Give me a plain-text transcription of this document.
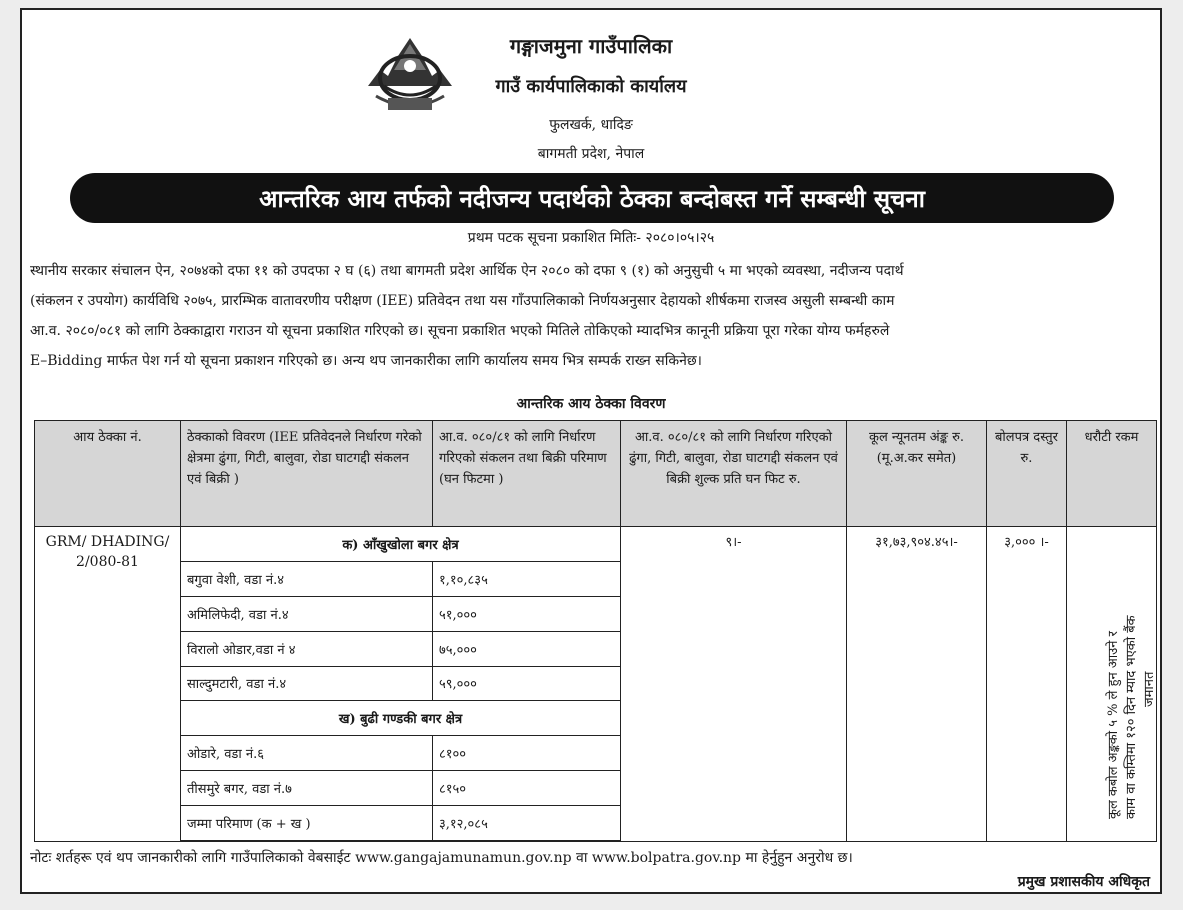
गङ्गाजमुना गाउँपालिका
गाउँ कार्यपालिकाको कार्यालय
फुलखर्क, धादिङ
बागमती प्रदेश, नेपाल
आन्तरिक आय तर्फको नदीजन्य पदार्थको ठेक्का बन्दोबस्त गर्ने सम्बन्धी सूचना
प्रथम पटक सूचना प्रकाशित मितिः- २०८०।०५।२५
स्थानीय सरकार संचालन ऐन, २०७४को दफा ११ को उपदफा २ घ (६) तथा बागमती प्रदेश आर्थिक ऐन २०८० को दफा ९ (१) को अनुसुची ५ मा भएको व्यवस्था, नदीजन्य पदार्थ
(संकलन र उपयोग) कार्यविधि २०७५, प्रारम्भिक वातावरणीय परीक्षण (IEE) प्रतिवेदन तथा यस गाँउपालिकाको निर्णयअनुसार देहायको शीर्षकमा राजस्व असुली सम्बन्धी काम
आ.व. २०८०/०८१ को लागि ठेक्काद्वारा गराउन यो सूचना प्रकाशित गरिएको छ। सूचना प्रकाशित भएको मितिले तोकिएको म्यादभित्र कानूनी प्रक्रिया पूरा गरेका योग्य फर्महरुले
E–Bidding मार्फत पेश गर्न यो सूचना प्रकाशन गरिएको छ। अन्य थप जानकारीका लागि कार्यालय समय भित्र सम्पर्क राख्न सकिनेछ।
आन्तरिक आय ठेक्का विवरण
आय ठेक्का नं.	ठेक्काको विवरण (IEE प्रतिवेदनले निर्धारण गरेको क्षेत्रमा ढुंगा, गिटी, बालुवा, रोडा घाटगद्दी संकलन एवं बिक्री )	आ.व. ०८०/८१ को लागि निर्धारण गरिएको संकलन तथा बिक्री परिमाण (घन फिटमा )	आ.व. ०८०/८१ को लागि निर्धारण गरिएको ढुंगा, गिटी, बालुवा, रोडा घाटगद्दी संकलन एवं बिक्री शुल्क प्रति घन फिट रु.	कूल न्यूनतम अंङ्क रु. (मू.अ.कर समेत)	बोलपत्र दस्तुर रु.	धरौटी रकम
GRM/ DHADING/ 2/080-81	क) आँखुखोला बगर क्षेत्र		९।-	३१,७३,९०४.४५।-	३,००० ।-	कूल कबोल अङ्कको ५ % ले हुन आउने र काम वा कम्तिमा १२० दिन म्याद भएको बैंक जमानत

	बगुवा वेशी, वडा नं.४	१,१०,८३५				
	अमिलिफेदी, वडा नं.४	५१,०००				
	विरालो ओडार,वडा नं ४	७५,०००				
	साल्दुमटारी, वडा नं.४	५९,०००				
	ख) बुढी गण्डकी बगर क्षेत्र					
	ओडारे, वडा नं.६	८१००				
	तीसमुरे बगर, वडा नं.७	८१५०				
	जम्मा परिमाण (क + ख )	३,१२,०८५				

नोटः शर्तहरू एवं थप जानकारीको लागि गाउँपालिकाको वेबसाईट www.gangajamunamun.gov.np वा www.bolpatra.gov.np मा हेर्नुहुन अनुरोध छ।
प्रमुख प्रशासकीय अधिकृत
